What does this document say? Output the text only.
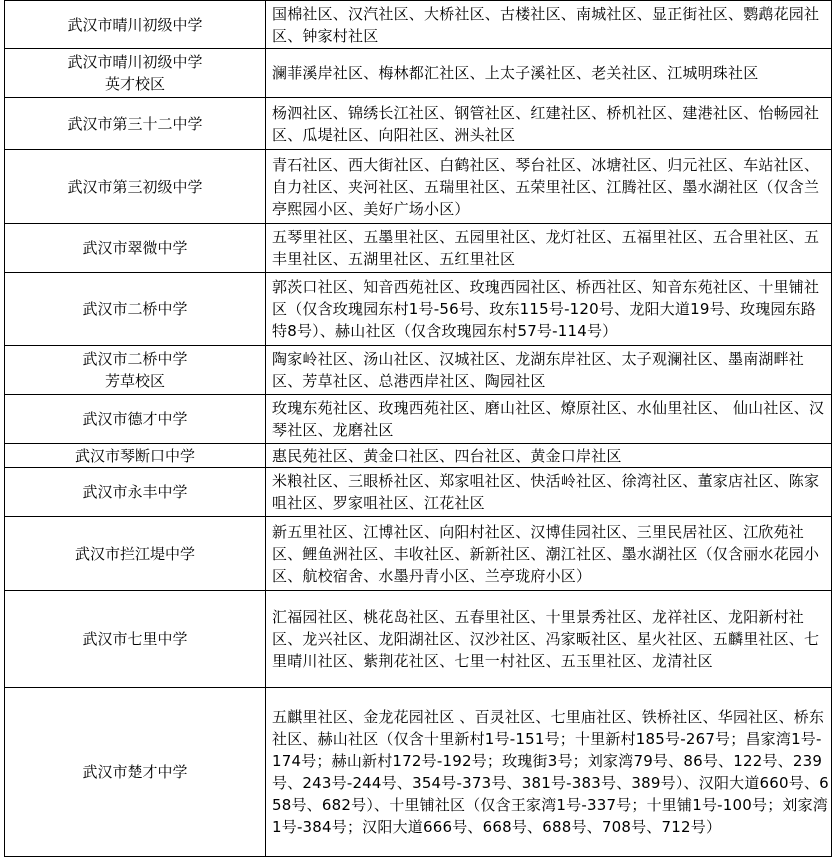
武汉市晴川初级中学	国棉社区、汉汽社区、大桥社区、古楼社区、南城社区、显正街社区、鹦鹉花园社区、钟家村社区

武汉市晴川初级中学
英才校区	澜菲溪岸社区、梅林都汇社区、上太子溪社区、老关社区、江城明珠社区

武汉市第三十二中学	杨泗社区、锦绣长江社区、钢管社区、红建社区、桥机社区、建港社区、怡畅园社区、瓜堤社区、向阳社区、洲头社区

武汉市第三初级中学	青石社区、西大街社区、白鹤社区、琴台社区、冰塘社区、归元社区、车站社区、自力社区、夹河社区、五瑞里社区、五荣里社区、江腾社区、墨水湖社区（仅含兰亭熙园小区、美好广场小区）

武汉市翠微中学	五琴里社区、五墨里社区、五园里社区、龙灯社区、五福里社区、五合里社区、五丰里社区、五湖里社区、五红里社区

武汉市二桥中学	郭茨口社区、知音西苑社区、玫瑰西园社区、桥西社区、知音东苑社区、十里铺社区（仅含玫瑰园东村1号-56号、玫东115号-120号、龙阳大道19号、玫瑰园东路特8号）、赫山社区（仅含玫瑰园东村57号-114号）

武汉市二桥中学
芳草校区	陶家岭社区、汤山社区、汉城社区、龙湖东岸社区、太子观澜社区、墨南湖畔社区、芳草社区、总港西岸社区、陶园社区

武汉市德才中学	玫瑰东苑社区、玫瑰西苑社区、磨山社区、燎原社区、水仙里社区、 仙山社区、汉琴社区、龙磨社区

武汉市琴断口中学	惠民苑社区、黄金口社区、四台社区、黄金口岸社区

武汉市永丰中学	米粮社区、三眼桥社区、郑家咀社区、快活岭社区、徐湾社区、董家店社区、陈家咀社区、罗家咀社区、江花社区

武汉市拦江堤中学	新五里社区、江博社区、向阳村社区、汉博佳园社区、三里民居社区、江欣苑社区、鲤鱼洲社区、丰收社区、新新社区、潮江社区、墨水湖社区（仅含丽水花园小区、航校宿舍、水墨丹青小区、兰亭珑府小区）

武汉市七里中学	汇福园社区、桃花岛社区、五春里社区、十里景秀社区、龙祥社区、龙阳新村社区、龙兴社区、龙阳湖社区、汉沙社区、冯家畈社区、星火社区、五麟里社区、七里晴川社区、紫荆花社区、七里一村社区、五玉里社区、龙清社区

武汉市楚才中学	五麒里社区、金龙花园社区 、百灵社区、七里庙社区、铁桥社区、华园社区、桥东社区、赫山社区（仅含十里新村1号-151号；十里新村185号-267号；昌家湾1号-174号；赫山新村172号-192号；玫瑰街3号；刘家湾79号、86号、122号、239号、243号-244号、354号-373号、381号-383号、389号）、汉阳大道660号、658号、682号）、十里铺社区（仅含王家湾1号-337号；十里铺1号-100号；刘家湾1号-384号；汉阳大道666号、668号、688号、708号、712号）
